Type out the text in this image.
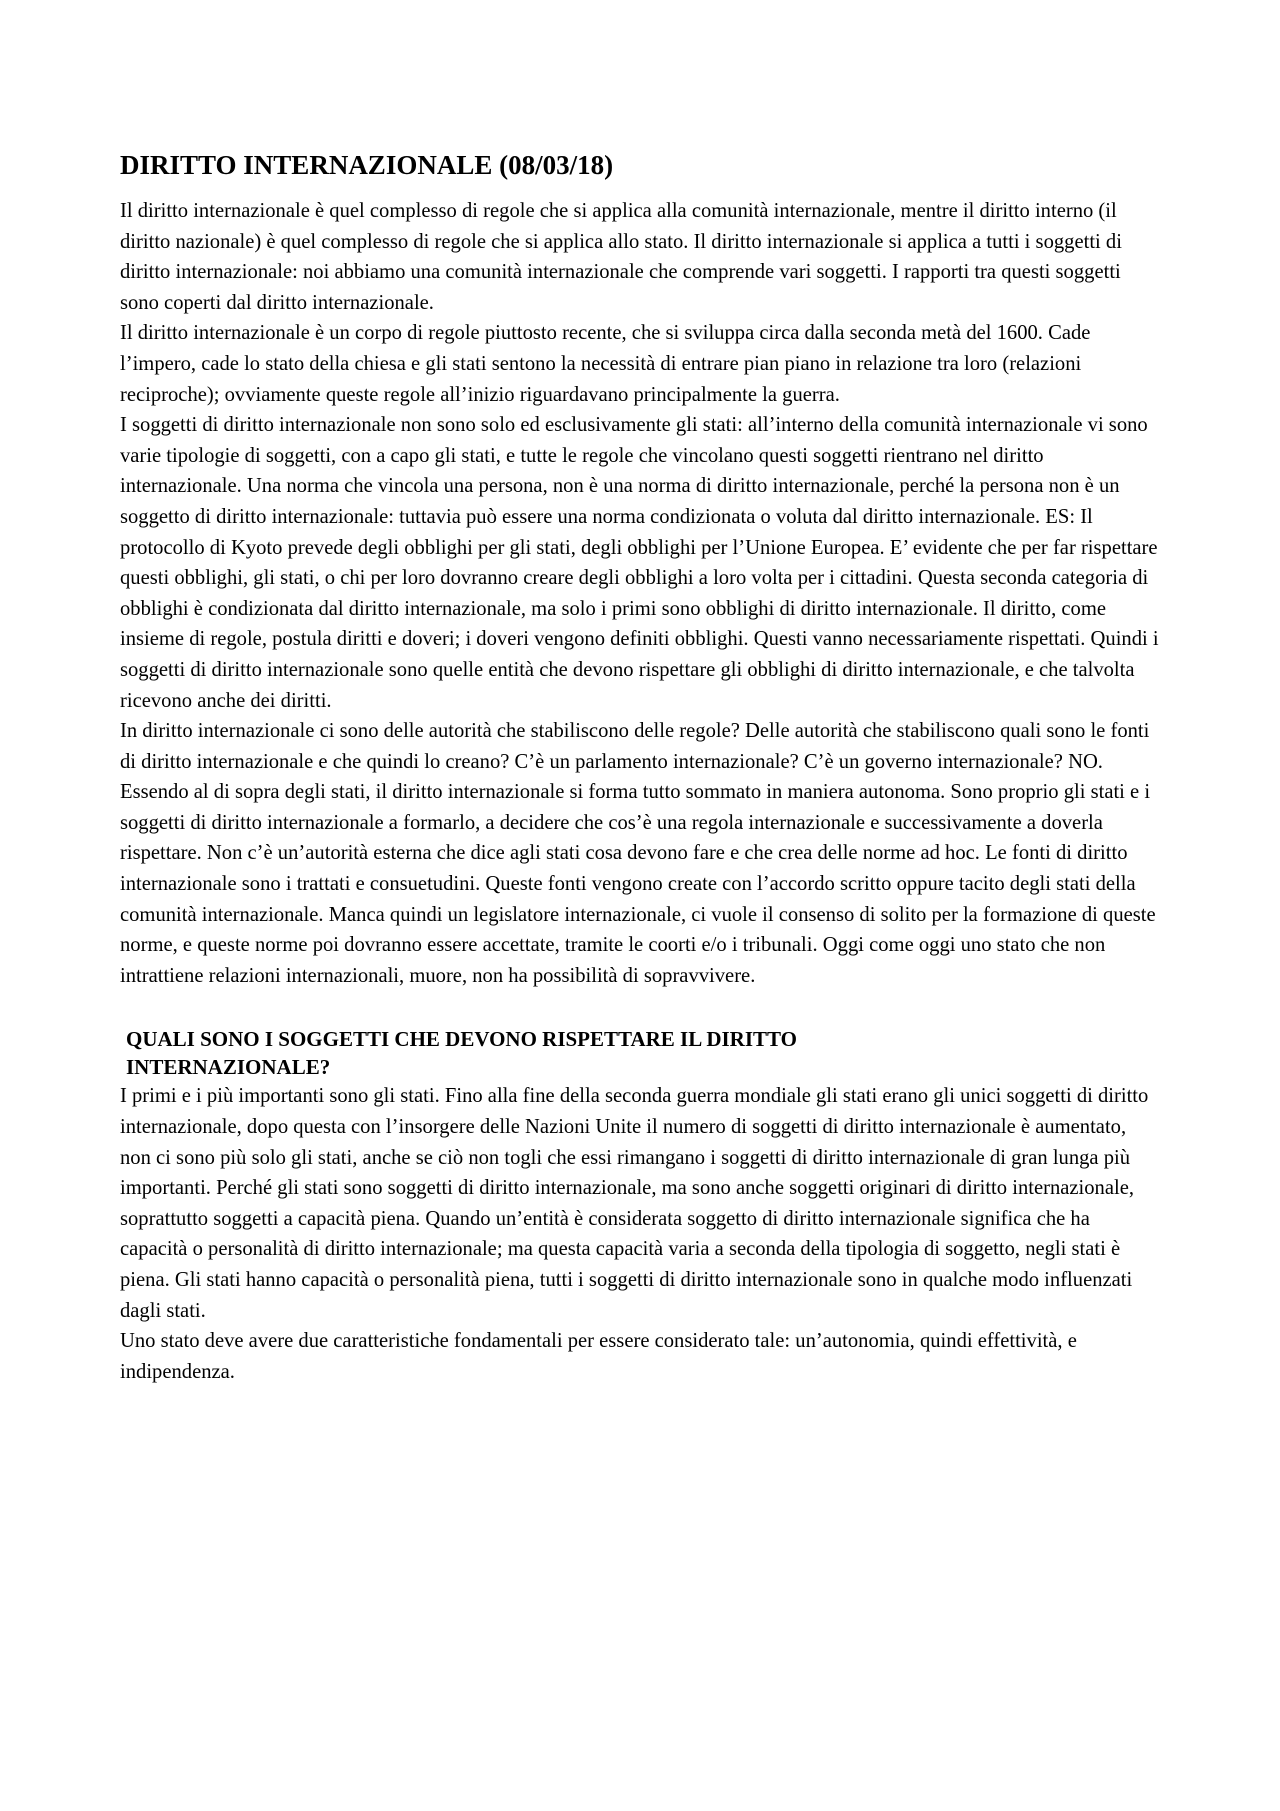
DIRITTO INTERNAZIONALE (08/03/18)

Il diritto internazionale è quel complesso di regole che si applica alla comunità internazionale, mentre il diritto interno (il diritto nazionale) è quel complesso di regole che si applica allo stato. Il diritto internazionale si applica a tutti i soggetti di diritto internazionale: noi abbiamo una comunità internazionale che comprende vari soggetti. I rapporti tra questi soggetti sono coperti dal diritto internazionale.

Il diritto internazionale è un corpo di regole piuttosto recente, che si sviluppa circa dalla seconda metà del 1600. Cade l’impero, cade lo stato della chiesa e gli stati sentono la necessità di entrare pian piano in relazione tra loro (relazioni reciproche); ovviamente queste regole all’inizio riguardavano principalmente la guerra.

I soggetti di diritto internazionale non sono solo ed esclusivamente gli stati: all’interno della comunità internazionale vi sono varie tipologie di soggetti, con a capo gli stati, e tutte le regole che vincolano questi soggetti rientrano nel diritto internazionale. Una norma che vincola una persona, non è una norma di diritto internazionale, perché la persona non è un soggetto di diritto internazionale: tuttavia può essere una norma condizionata o voluta dal diritto internazionale. ES: Il protocollo di Kyoto prevede degli obblighi per gli stati, degli obblighi per l’Unione Europea. E’ evidente che per far rispettare questi obblighi, gli stati, o chi per loro dovranno creare degli obblighi a loro volta per i cittadini. Questa seconda categoria di obblighi è condizionata dal diritto internazionale, ma solo i primi sono obblighi di diritto internazionale. Il diritto, come insieme di regole, postula diritti e doveri; i doveri vengono definiti obblighi. Questi vanno necessariamente rispettati. Quindi i soggetti di diritto internazionale sono quelle entità che devono rispettare gli obblighi di diritto internazionale, e che talvolta ricevono anche dei diritti.

In diritto internazionale ci sono delle autorità che stabiliscono delle regole? Delle autorità che stabiliscono quali sono le fonti di diritto internazionale e che quindi lo creano? C’è un parlamento internazionale? C’è un governo internazionale? NO.

Essendo al di sopra degli stati, il diritto internazionale si forma tutto sommato in maniera autonoma. Sono proprio gli stati e i soggetti di diritto internazionale a formarlo, a decidere che cos’è una regola internazionale e successivamente a doverla rispettare. Non c’è un’autorità esterna che dice agli stati cosa devono fare e che crea delle norme ad hoc. Le fonti di diritto internazionale sono i trattati e consuetudini. Queste fonti vengono create con l’accordo scritto oppure tacito degli stati della comunità internazionale. Manca quindi un legislatore internazionale, ci vuole il consenso di solito per la formazione di queste norme, e queste norme poi dovranno essere accettate, tramite le coorti e/o i tribunali. Oggi come oggi uno stato che non intrattiene relazioni internazionali, muore, non ha possibilità di sopravvivere.

QUALI SONO I SOGGETTI CHE DEVONO RISPETTARE IL DIRITTO INTERNAZIONALE?

I primi e i più importanti sono gli stati. Fino alla fine della seconda guerra mondiale gli stati erano gli unici soggetti di diritto internazionale, dopo questa con l’insorgere delle Nazioni Unite il numero di soggetti di diritto internazionale è aumentato, non ci sono più solo gli stati, anche se ciò non togli che essi rimangano i soggetti di diritto internazionale di gran lunga più importanti. Perché gli stati sono soggetti di diritto internazionale, ma sono anche soggetti originari di diritto internazionale, soprattutto soggetti a capacità piena. Quando un’entità è considerata soggetto di diritto internazionale significa che ha capacità o personalità di diritto internazionale; ma questa capacità varia a seconda della tipologia di soggetto, negli stati è piena. Gli stati hanno capacità o personalità piena, tutti i soggetti di diritto internazionale sono in qualche modo influenzati dagli stati.

Uno stato deve avere due caratteristiche fondamentali per essere considerato tale: un’autonomia, quindi effettività, e indipendenza.
